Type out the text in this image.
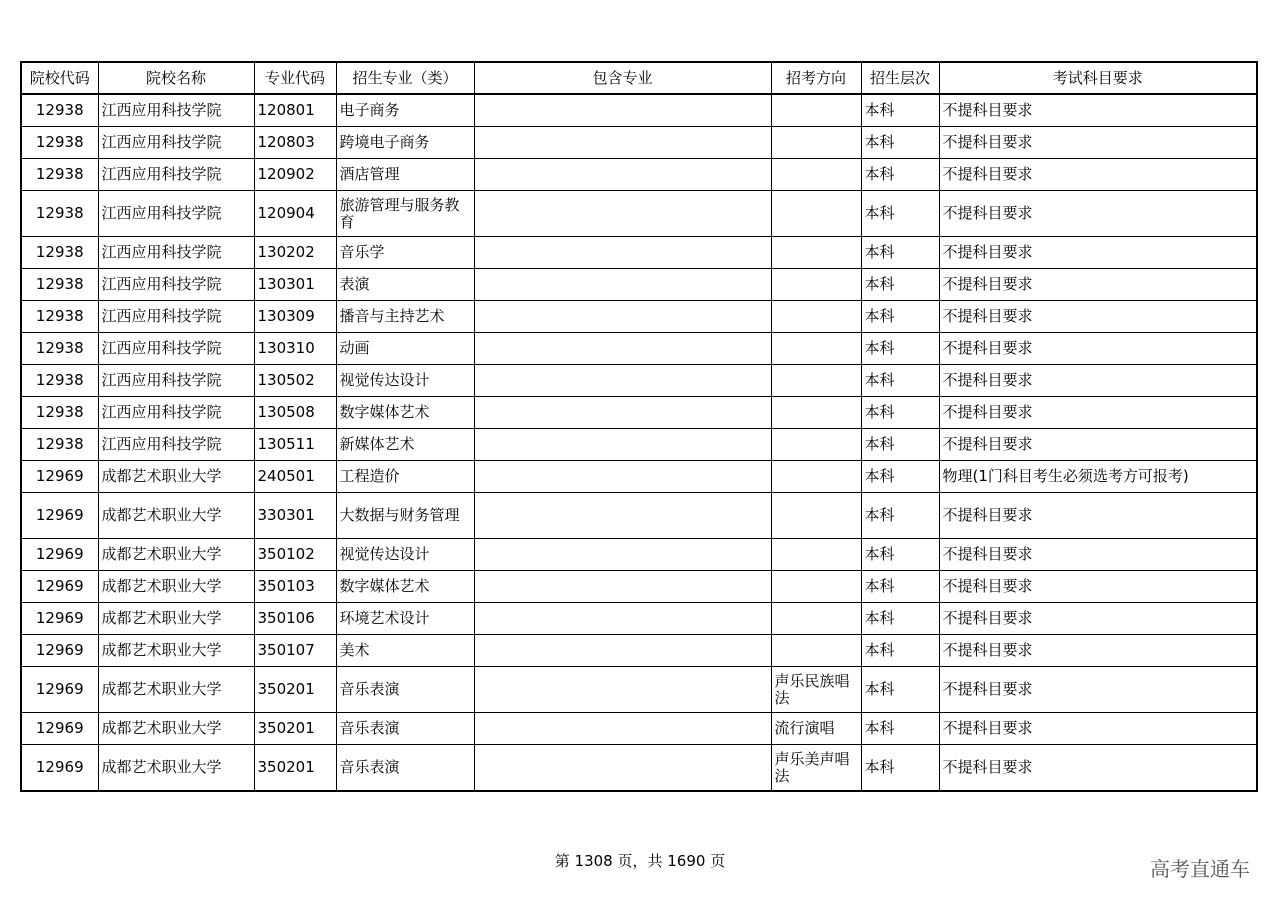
院校代码	院校名称	专业代码	招生专业（类）	包含专业	招考方向	招生层次	考试科目要求
12938	江西应用科技学院	120801	电子商务			本科	不提科目要求
12938	江西应用科技学院	120803	跨境电子商务			本科	不提科目要求
12938	江西应用科技学院	120902	酒店管理			本科	不提科目要求
12938	江西应用科技学院	120904	旅游管理与服务教育			本科	不提科目要求
12938	江西应用科技学院	130202	音乐学			本科	不提科目要求
12938	江西应用科技学院	130301	表演			本科	不提科目要求
12938	江西应用科技学院	130309	播音与主持艺术			本科	不提科目要求
12938	江西应用科技学院	130310	动画			本科	不提科目要求
12938	江西应用科技学院	130502	视觉传达设计			本科	不提科目要求
12938	江西应用科技学院	130508	数字媒体艺术			本科	不提科目要求
12938	江西应用科技学院	130511	新媒体艺术			本科	不提科目要求
12969	成都艺术职业大学	240501	工程造价			本科	物理(1门科目考生必须选考方可报考)
12969	成都艺术职业大学	330301	大数据与财务管理			本科	不提科目要求
12969	成都艺术职业大学	350102	视觉传达设计			本科	不提科目要求
12969	成都艺术职业大学	350103	数字媒体艺术			本科	不提科目要求
12969	成都艺术职业大学	350106	环境艺术设计			本科	不提科目要求
12969	成都艺术职业大学	350107	美术			本科	不提科目要求
12969	成都艺术职业大学	350201	音乐表演		声乐民族唱法	本科	不提科目要求
12969	成都艺术职业大学	350201	音乐表演		流行演唱	本科	不提科目要求
12969	成都艺术职业大学	350201	音乐表演		声乐美声唱法	本科	不提科目要求
第 1308 页，共 1690 页	高考直通车
